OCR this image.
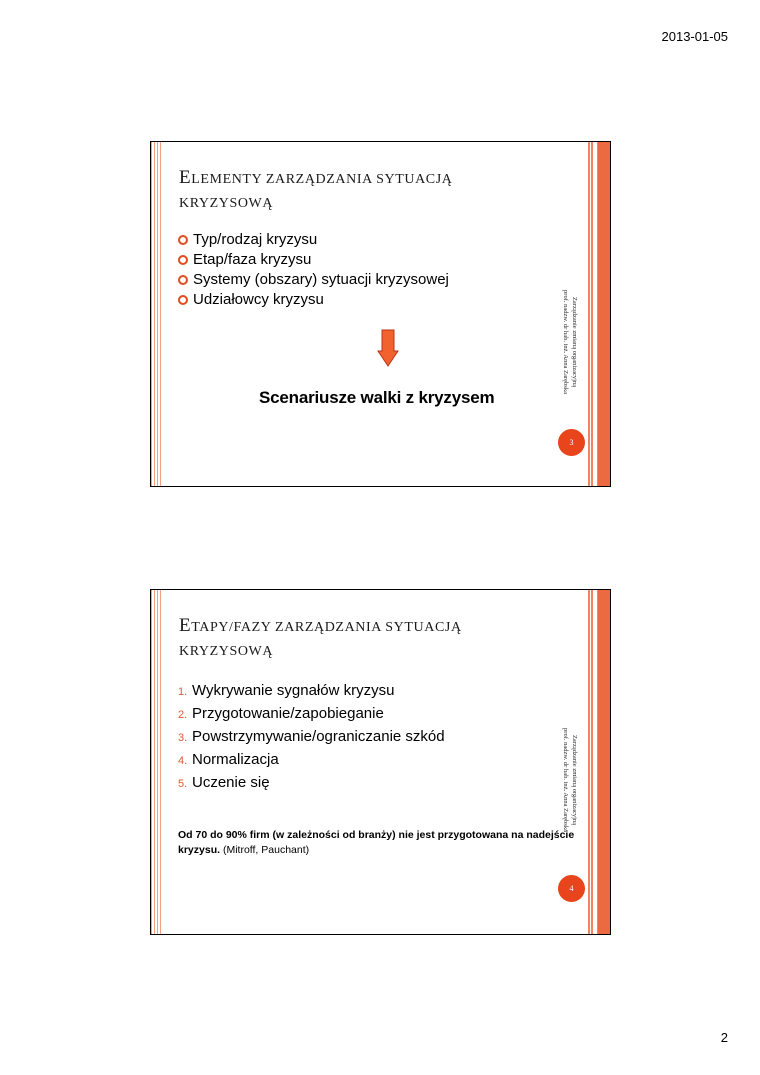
2013-01-05
ELEMENTY ZARZĄDZANIA SYTUACJĄ
KRYZYSOWĄ
Typ/rodzaj kryzysu
Etap/faza kryzysu
Systemy (obszary) sytuacji kryzysowej
Udziałowcy kryzysu
Scenariusze walki z kryzysem
Zarządzanie zmianą organizacyjną
prof. nadzw. dr hab. inż. Anna Zarębska
3
ETAPY/FAZY ZARZĄDZANIA SYTUACJĄ
KRYZYSOWĄ
1. Wykrywanie sygnałów kryzysu
2. Przygotowanie/zapobieganie
3. Powstrzymywanie/ograniczanie szkód
4. Normalizacja
5. Uczenie się
Od 70 do 90% firm (w zależności od branży) nie jest przygotowana na nadejście kryzysu. (Mitroff, Pauchant)
Zarządzanie zmianą organizacyjną
prof. nadzw. dr hab. inż. Anna Zarębska
4
2
